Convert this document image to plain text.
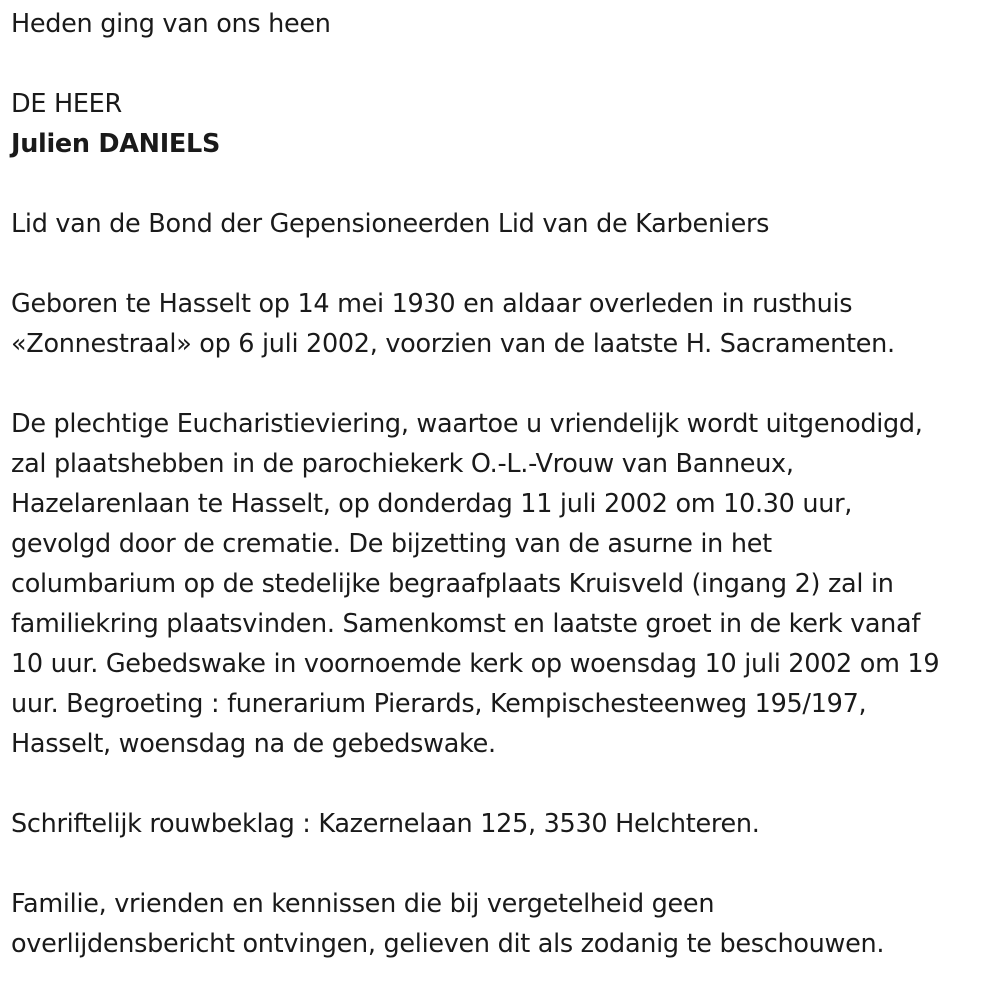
Heden ging van ons heen

DE HEER

Julien DANIELS

Lid van de Bond der Gepensioneerden Lid van de Karbeniers

Geboren te Hasselt op 14 mei 1930 en aldaar overleden in rusthuis
«Zonnestraal» op 6 juli 2002, voorzien van de laatste H. Sacramenten.

De plechtige Eucharistieviering, waartoe u vriendelijk wordt uitgenodigd,
zal plaatshebben in de parochiekerk O.-L.-Vrouw van Banneux,
Hazelarenlaan te Hasselt, op donderdag 11 juli 2002 om 10.30 uur,
gevolgd door de crematie. De bijzetting van de asurne in het
columbarium op de stedelijke begraafplaats Kruisveld (ingang 2) zal in
familiekring plaatsvinden. Samenkomst en laatste groet in de kerk vanaf
10 uur. Gebedswake in voornoemde kerk op woensdag 10 juli 2002 om 19
uur. Begroeting : funerarium Pierards, Kempischesteenweg 195/197,
Hasselt, woensdag na de gebedswake.

Schriftelijk rouwbeklag : Kazernelaan 125, 3530 Helchteren.

Familie, vrienden en kennissen die bij vergetelheid geen
overlijdensbericht ontvingen, gelieven dit als zodanig te beschouwen.
